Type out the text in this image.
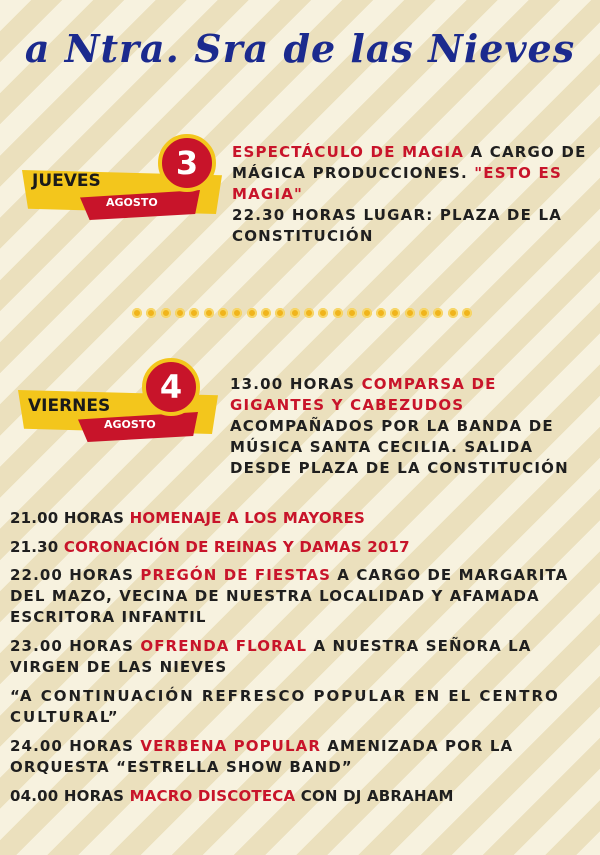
a Ntra. Sra de las Nieves
3
JUEVES
AGOSTO
ESPECTÁCULO DE MAGIA A CARGO DE MÁGICA PRODUCCIONES. "ESTO ES MAGIA"
22.30 HORAS LUGAR: PLAZA DE LA CONSTITUCIÓN
4
VIERNES
AGOSTO
13.00 HORAS COMPARSA DE GIGANTES Y CABEZUDOS ACOMPAÑADOS POR LA BANDA DE MÚSICA SANTA CECILIA. SALIDA DESDE PLAZA DE LA CONSTITUCIÓN
21.00 HORAS HOMENAJE A LOS MAYORES
21.30 CORONACIÓN DE REINAS Y DAMAS 2017
22.00 HORAS PREGÓN DE FIESTAS A CARGO DE MARGARITA DEL MAZO, VECINA DE NUESTRA LOCALIDAD Y AFAMADA ESCRITORA INFANTIL
23.00 HORAS OFRENDA FLORAL A NUESTRA SEÑORA LA VIRGEN DE LAS NIEVES
“A CONTINUACIÓN REFRESCO POPULAR EN EL CENTRO CULTURAL”
24.00 HORAS VERBENA POPULAR AMENIZADA POR LA ORQUESTA “ESTRELLA SHOW BAND”
04.00 HORAS MACRO DISCOTECA CON DJ ABRAHAM
